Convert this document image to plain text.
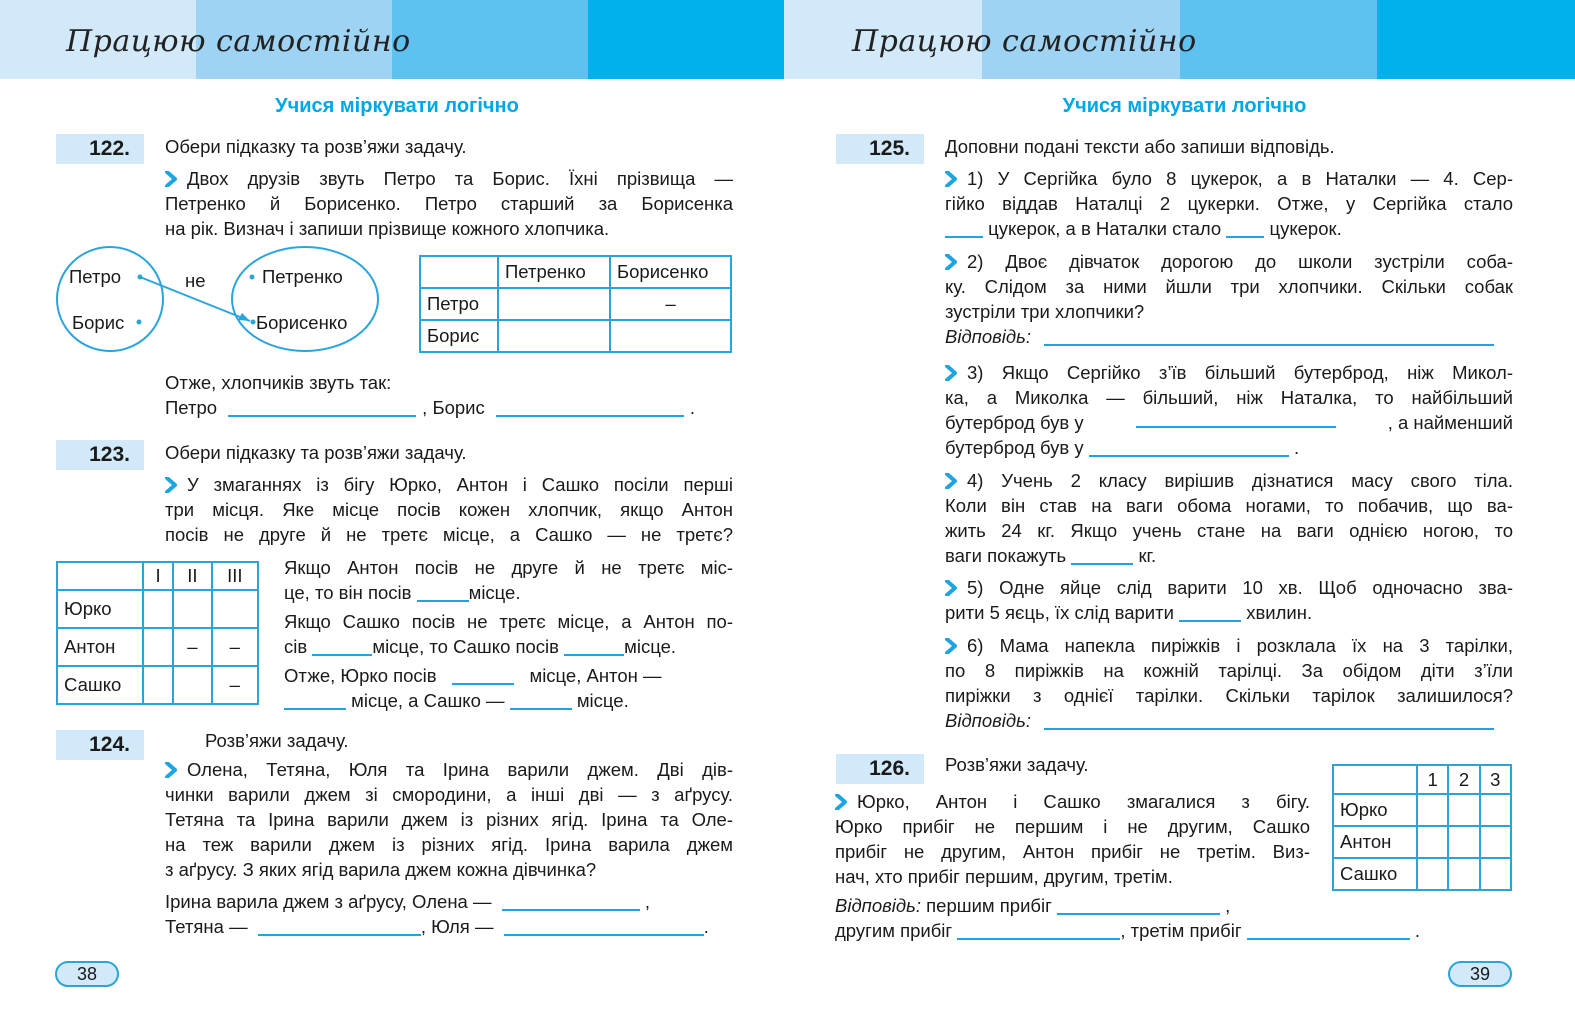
Працюю самостійно
Учися міркувати логічно
122.	Обери підказку та розв’яжи задачу.
Двох друзів звуть Петро та Борис. Їхні прізвища —
Петренко й Борисенко. Петро старший за Борисенка
на рік. Визнач і запиши прізвище кожного хлопчика.
Петро
Борис
не	Петренко
Борисенко
	Петренко	Борисенко
Петро		–
Борис		
Отже, хлопчиків звуть так:
Петро	, Борис	.
123.	Обери підказку та розв’яжи задачу.
У змаганнях із бігу Юрко, Антон і Сашко посіли перші
три місця. Яке місце посів кожен хлопчик, якщо Антон
посів не друге й не третє місце, а Сашко — не третє?
	I	II	III
Юрко			
Антон		–	–
Сашко			–
Якщо Антон посів не друге й не третє міс-
це, то він посів	місце.
Якщо Сашко посів не третє місце, а Антон по-
сів	місце, то Сашко посів	місце.
Отже, Юрко посів	місце, Антон —
місце, а Сашко —	місце.
124.	Розв’яжи задачу.
Олена, Тетяна, Юля та Ірина варили джем. Дві дів-
чинки варили джем зі смородини, а інші дві — з аґрусу.
Тетяна та Ірина варили джем із різних ягід. Ірина та Оле-
на теж варили джем із різних ягід. Ірина варила джем
з аґрусу. З яких ягід варила джем кожна дівчинка?
Ірина варила джем з аґрусу, Олена —	,
Тетяна —	, Юля —	.
38
Працюю самостійно
Учися міркувати логічно
125.	Доповни подані тексти або запиши відповідь.
1) У Сергійка було 8 цукерок, а в Наталки — 4. Сер-
гійко віддав Наталці 2 цукерки. Отже, у Сергійка стало
цукерок, а в Наталки стало	цукерок.
2) Двоє дівчаток дорогою до школи зустріли соба-
ку. Слідом за ними йшли три хлопчики. Скільки собак
зустріли три хлопчики?
Відповідь:
3) Якщо Сергійко з’їв більший бутерброд, ніж Микол-
ка, а Миколка — більший, ніж Наталка, то найбільший
бутерброд був у	, а найменший
бутерброд був у	.
4) Учень 2 класу вирішив дізнатися масу свого тіла.
Коли він став на ваги обома ногами, то побачив, що ва-
жить 24 кг. Якщо учень стане на ваги однією ногою, то
ваги покажуть	кг.
5) Одне яйце слід варити 10 хв. Щоб одночасно зва-
рити 5 яєць, їх слід варити	хвилин.
6) Мама напекла пиріжків і розклала їх на 3 тарілки,
по 8 пиріжків на кожній тарілці. За обідом діти з’їли
пиріжки з однієї тарілки. Скільки тарілок залишилося?
Відповідь:
126.	Розв’яжи задачу.
Юрко, Антон і Сашко змагалися з бігу.
Юрко прибіг не першим і не другим, Сашко
прибіг не другим, Антон прибіг не третім. Виз-
нач, хто прибіг першим, другим, третім.
	1	2	3
Юрко			
Антон			
Сашко			
Відповідь: першим прибіг	,
другим прибіг	, третім прибіг	.
39
